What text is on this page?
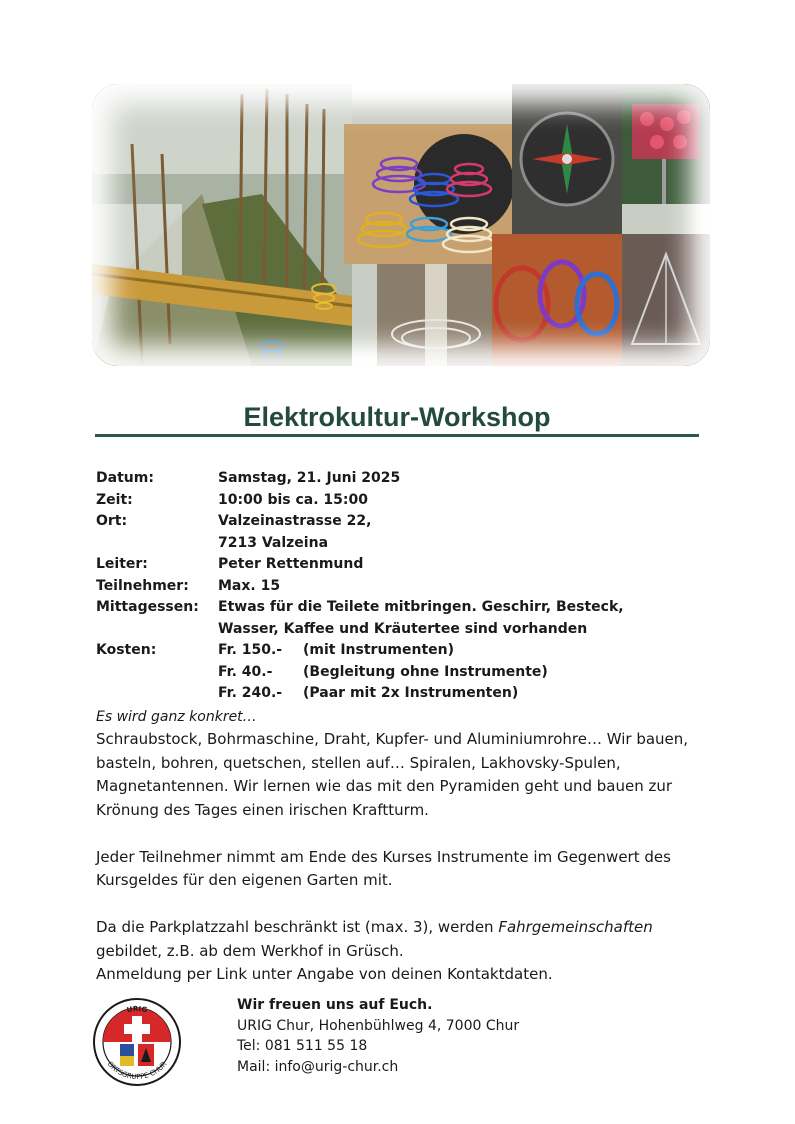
Elektrokultur-Workshop
Datum:	Samstag, 21. Juni 2025
Zeit:	10:00 bis ca. 15:00
Ort:	Valzeinastrasse 22,
7213 Valzeina
Leiter:	Peter Rettenmund
Teilnehmer:	Max. 15
Mittagessen:	Etwas für die Teilete mitbringen. Geschirr, Besteck,
Wasser, Kaffee und Kräutertee sind vorhanden
Kosten:	Fr. 150.-	(mit Instrumenten)
Fr. 40.-	(Begleitung ohne Instrumente)
Fr. 240.-	(Paar mit 2x Instrumenten)

Es wird ganz konkret…

Schraubstock, Bohrmaschine, Draht, Kupfer- und Aluminiumrohre… Wir bauen, basteln, bohren, quetschen, stellen auf… Spiralen, Lakhovsky-Spulen, Magnetantennen. Wir lernen wie das mit den Pyramiden geht und bauen zur Krönung des Tages einen irischen Kraftturm.

Jeder Teilnehmer nimmt am Ende des Kurses Instrumente im Gegenwert des Kursgeldes für den eigenen Garten mit.

Da die Parkplatzzahl beschränkt ist (max. 3), werden Fahrgemeinschaften gebildet, z.B. ab dem Werkhof in Grüsch.

Anmeldung per Link unter Angabe von deinen Kontaktdaten.

URIG
ORTSGRUPPE CHUR
Wir freuen uns auf Euch.
URIG Chur, Hohenbühlweg 4, 7000 Chur
Tel: 081 511 55 18
Mail: info@urig-chur.ch
